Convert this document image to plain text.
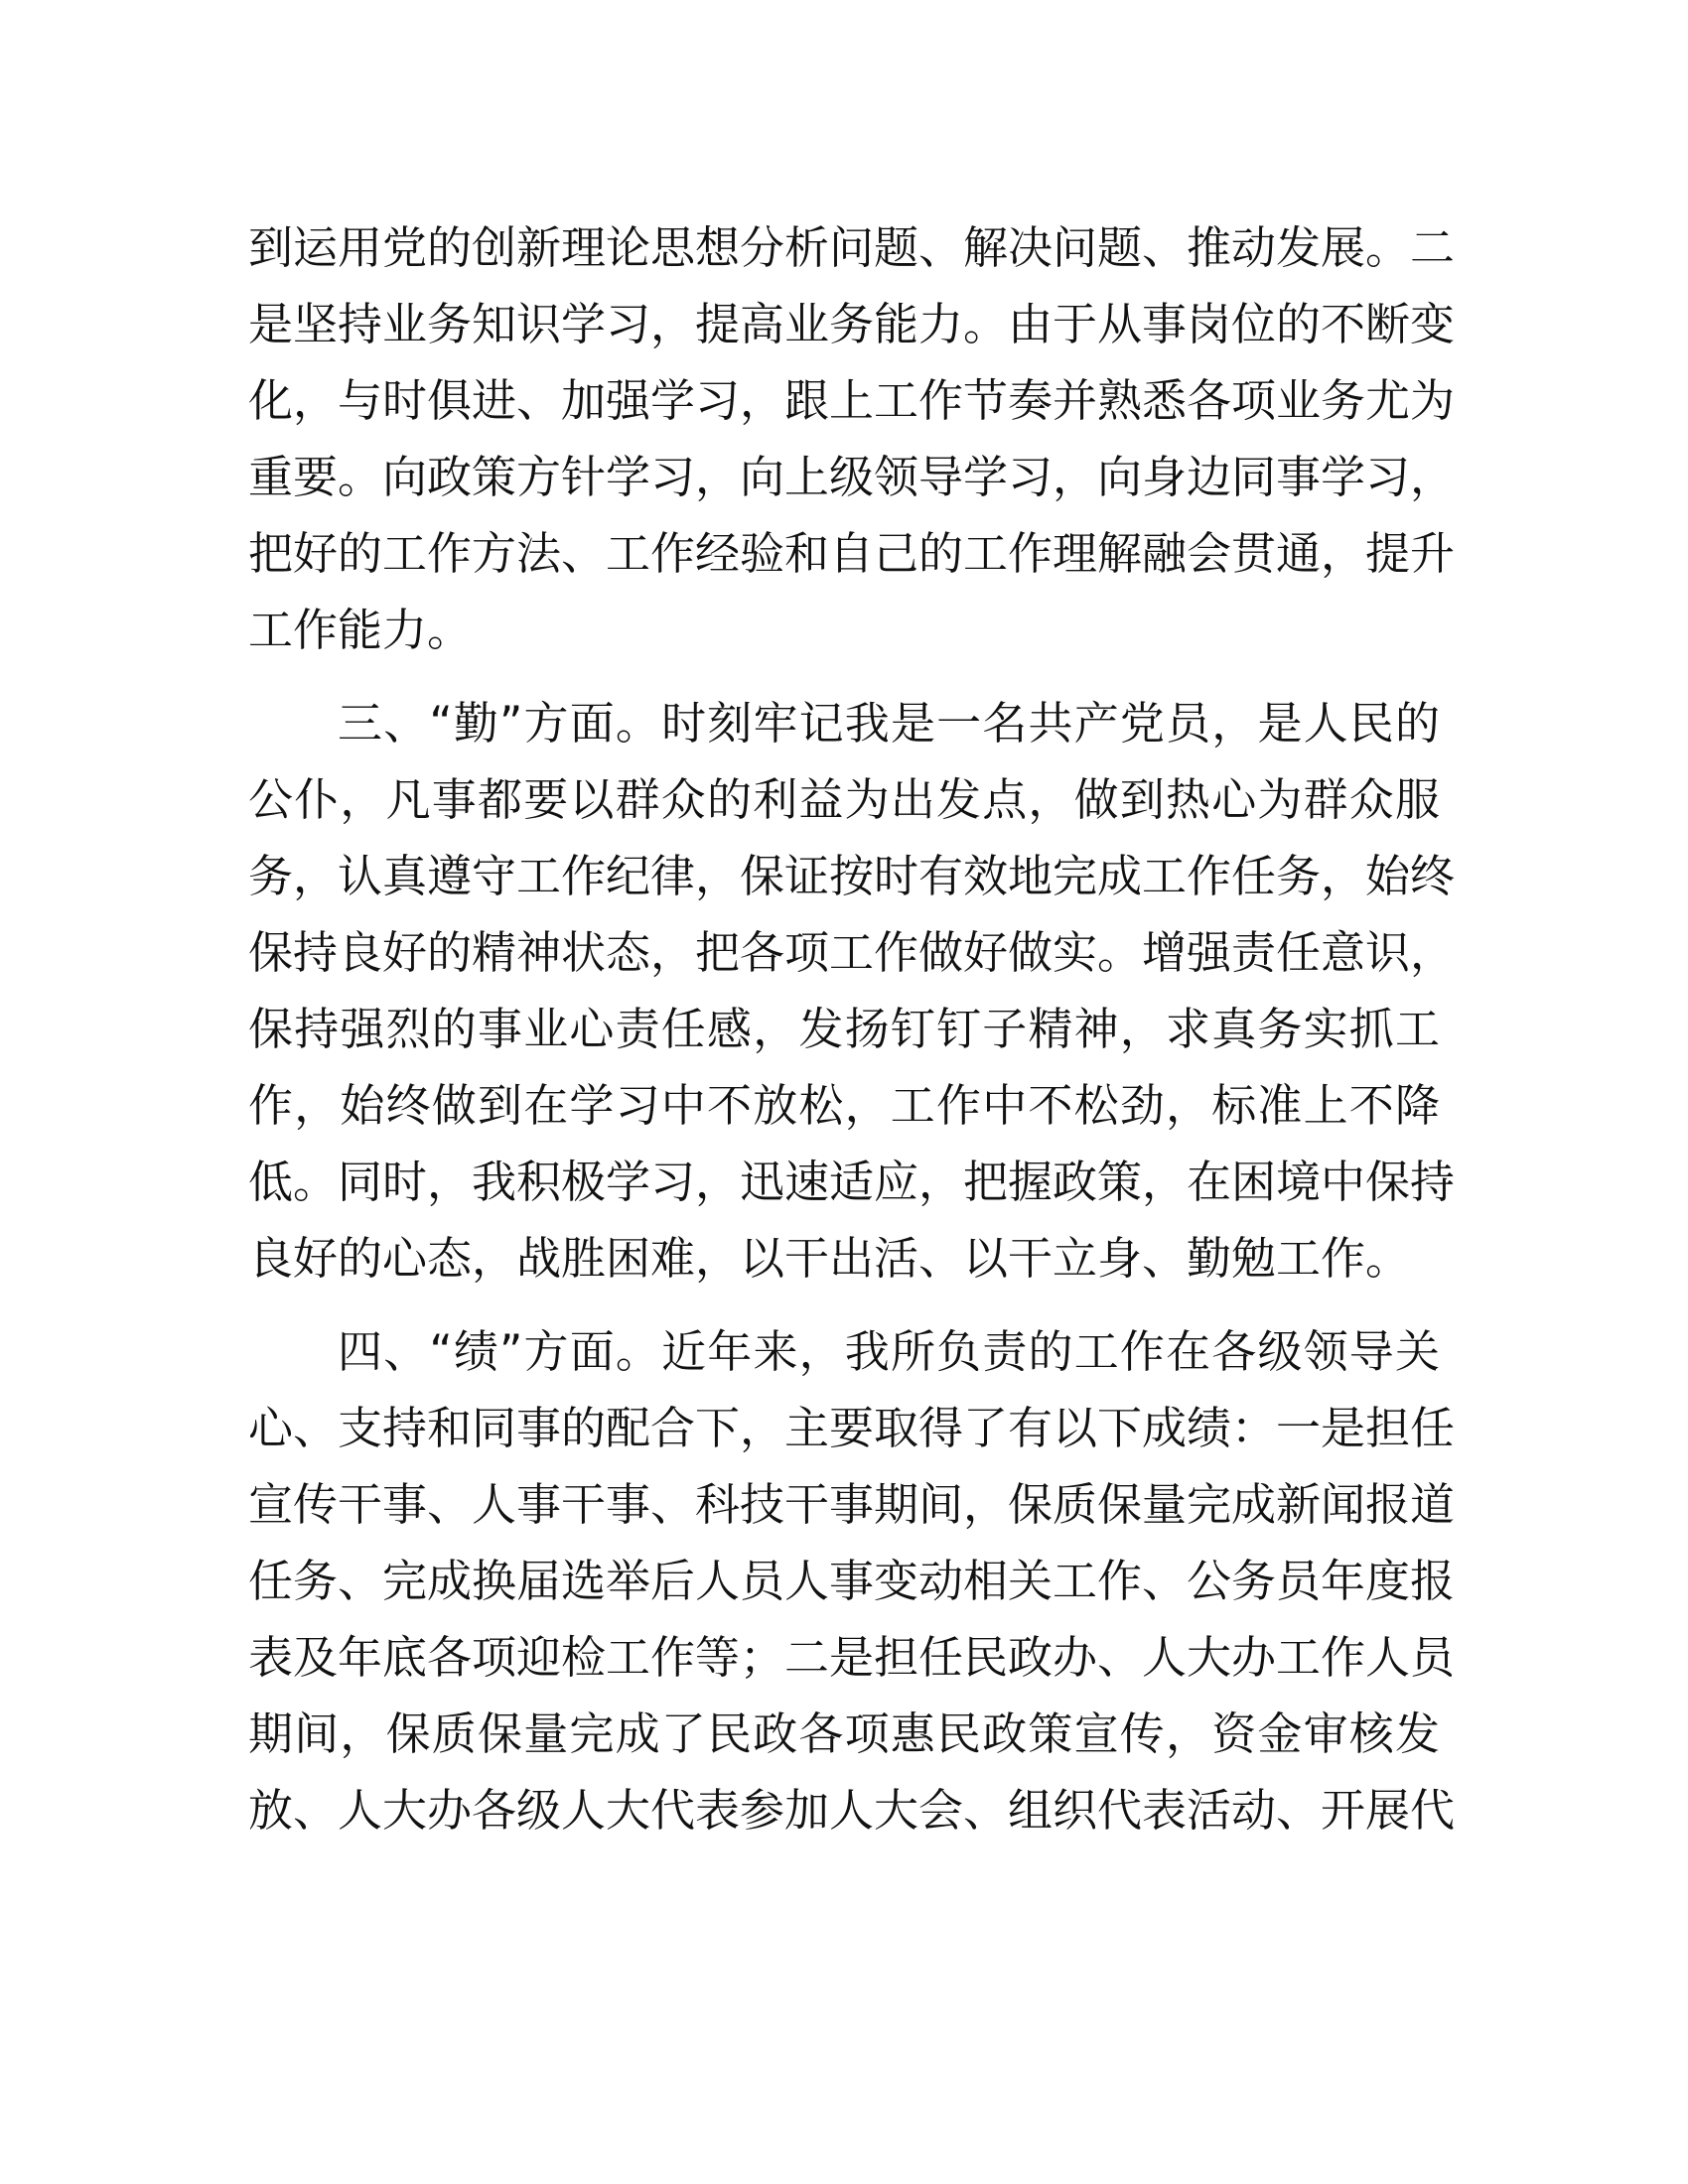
到运用党的创新理论思想分析问题、解决问题、推动发展。二
是坚持业务知识学习，提高业务能力。由于从事岗位的不断变
化，与时俱进、加强学习，跟上工作节奏并熟悉各项业务尤为
重要。向政策方针学习，向上级领导学习，向身边同事学习，
把好的工作方法、工作经验和自己的工作理解融会贯通，提升
工作能力。
三、“勤”方面。时刻牢记我是一名共产党员，是人民的
公仆，凡事都要以群众的利益为出发点，做到热心为群众服
务，认真遵守工作纪律，保证按时有效地完成工作任务，始终
保持良好的精神状态，把各项工作做好做实。增强责任意识，
保持强烈的事业心责任感，发扬钉钉子精神，求真务实抓工
作，始终做到在学习中不放松，工作中不松劲，标准上不降
低。同时，我积极学习，迅速适应，把握政策，在困境中保持
良好的心态，战胜困难，以干出活、以干立身、勤勉工作。
四、“绩”方面。近年来，我所负责的工作在各级领导关
心、支持和同事的配合下，主要取得了有以下成绩：一是担任
宣传干事、人事干事、科技干事期间，保质保量完成新闻报道
任务、完成换届选举后人员人事变动相关工作、公务员年度报
表及年底各项迎检工作等；二是担任民政办、人大办工作人员
期间，保质保量完成了民政各项惠民政策宣传，资金审核发
放、人大办各级人大代表参加人大会、组织代表活动、开展代
